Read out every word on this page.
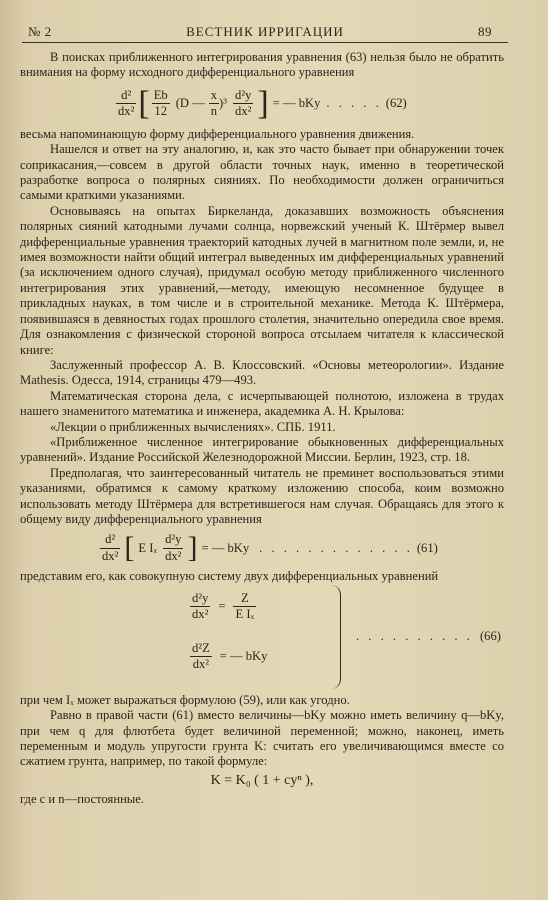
№ 2	ВЕСТНИК ИРРИГАЦИИ	89

В поисках приближенного интегрирования уравнения (63) нельзя было не обратить внимания на форму исходного дифференциального уравнения

$\frac{\text{d²}}{\text{dx²}}$ [ $\frac{Eb}{12} (D$ — $\frac{x}{n} )^3 \frac{\text{d²y}}{\text{dx²}}$ ] = — bKy . . . . . (62)

весьма напоминающую форму дифференциального уравнения движения.

Нашелся и ответ на эту аналогию, и, как это часто бывает при обнаружении точек соприкасания,—совсем в другой области точных наук, именно в теоретической разработке вопроса о полярных сияниях. По необходимости должен ограничиться самыми краткими указаниями.

Основываясь на опытах Биркеланда, доказавших возможность объяснения полярных сияний катодными лучами солнца, норвежский ученый К. Штёрмер вывел дифференциальные уравнения траекторий катодных лучей в магнитном поле земли, и, не имея возможности найти общий интеграл выведенных им дифференциальных уравнений (за исключением одного случая), придумал особую методу приближенного численного интегрирования этих уравнений,—методу, имеющую несомненное будущее в прикладных науках, в том числе и в строительной механике. Метода К. Штёрмера, появившаяся в девяностых годах прошлого столетия, значительно опередила свое время. Для ознакомления с физической стороной вопроса отсылаем читателя к классической книге:

Заслуженный профессор А. В. Клоссовский. «Основы метеорологии». Издание Mathesis. Одесса, 1914, страницы 479—493.

Математическая сторона дела, с исчерпывающей полнотою, изложена в трудах нашего знаменитого математика и инженера, академика А. Н. Крылова:

«Лекции о приближенных вычислениях». СПБ. 1911.

«Приближенное численное интегрирование обыкновенных дифференциальных уравнений». Издание Российской Железнодорожной Миссии. Берлин, 1923, стр. 18.

Предполагая, что заинтересованный читатель не преминет воспользоваться этими указаниями, обратимся к самому краткому изложению способа, коим возможно использовать методу Штёрмера для встретившегося нам случая. Обращаясь для этого к общему виду дифференциального уравнения

$\frac{\text{d²}}{\text{dx²}}$ [ E Iₓ $\frac{\text{d²y}}{\text{dx²}}$ ] = — bKy . . . . . . . . . . . . . (61)

представим его, как совокупную систему двух дифференциальных уравнений

$\frac{\text{d²y}}{\text{dx²}} = \frac{Z}{\text{E Iₓ}}$
$\frac{\text{d²Z}}{\text{dx²}}$ = — bKy
. . . . . . . . . . (66)

при чем Iₓ может выражаться формулою (59), или как угодно.

Равно в правой части (61) вместо величины—bKy можно иметь величину q—bKy, при чем q для флютбета будет величиной переменной; можно, наконец, иметь переменным и модуль упругости грунта K: считать его увеличивающимся вместе со сжатием грунта, например, по такой формуле:

K = K₀ ( 1 + cyⁿ ),

где c и n—постоянные.
